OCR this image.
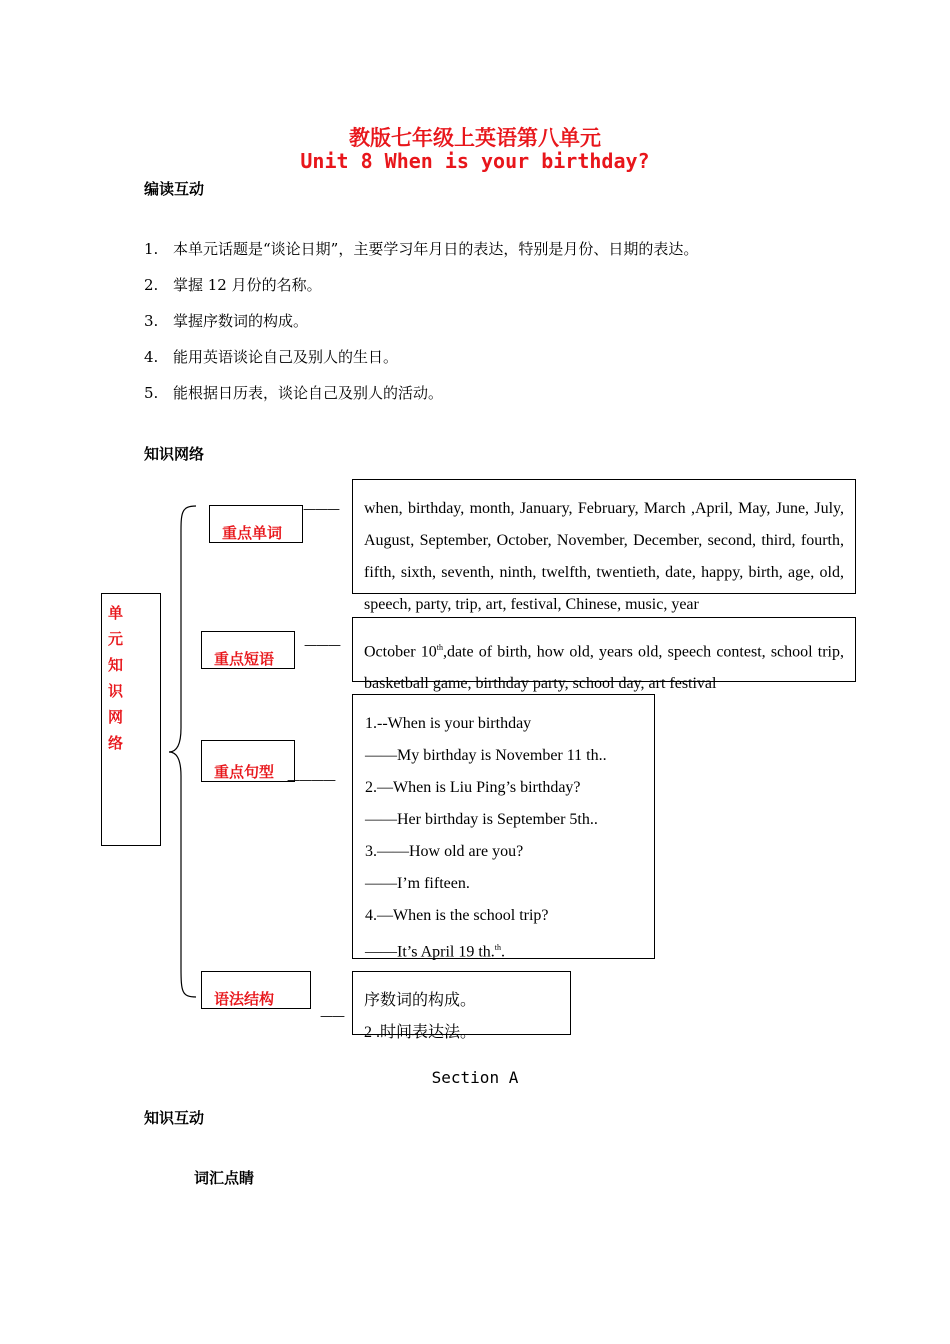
教版七年级上英语第八单元
Unit 8 When is your birthday?
编读互动
1. 本单元话题是“谈论日期”，主要学习年月日的表达，特别是月份、日期的表达。
2. 掌握 12 月份的名称。
3. 掌握序数词的构成。
4. 能用英语谈论自己及别人的生日。
5. 能根据日历表，谈论自己及别人的活动。
知识网络
单
元
知
识
网
络
重点单词
重点短语
重点句型
语法结构
———
———
————
——
when, birthday, month, January, February, March ,April, May, June, July, August, September, October, November, December, second, third, fourth, fifth, sixth, seventh, ninth, twelfth, twentieth, date, happy, birth, age, old, speech, party, trip, art, festival, Chinese, music, year
October 10th,date of birth, how old, years old, speech contest, school trip, basketball game, birthday party, school day, art festival
1.--When is your birthday
——My birthday is November 11 th..
2.—When is Liu Ping’s birthday?
——Her birthday is September 5th..
3.——How old are you?
——I’m fifteen.
4.—When is the school trip?
——It’s April 19 th.$^{th}$.
序数词的构成。
2 .时间表达法。
Section A
知识互动
词汇点睛
